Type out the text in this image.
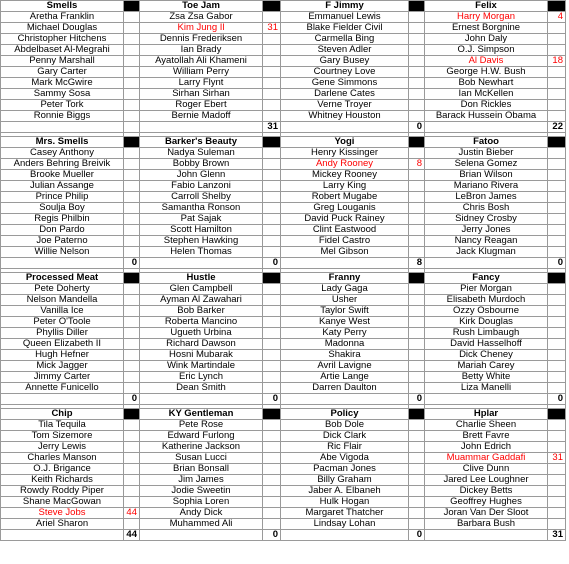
Smells		Toe Jam		F Jimmy		Felix	
Aretha Franklin		Zsa Zsa Gabor		Emmanuel Lewis		Harry Morgan	4
Michael Douglas		Kim Jung Il	31	Blake Fielder Civil		Ernest Borgnine	
Christopher Hitchens		Dennis Frederiksen		Carmella Bing		John Daly	
Abdelbaset Al-Megrahi		Ian Brady		Steven Adler		O.J. Simpson	
Penny Marshall		Ayatollah Ali Khameni		Gary Busey		Al Davis	18
Gary Carter		William Perry		Courtney Love		George H.W. Bush	
Mark McGwire		Larry Flynt		Gene Simmons		Bob Newhart	
Sammy Sosa		Sirhan Sirhan		Darlene Cates		Ian McKellen	
Peter Tork		Roger Ebert		Verne Troyer		Don Rickles	
Ronnie Biggs		Bernie Madoff		Whitney Houston		Barack Hussein Obama	
			31		0		22

Mrs. Smells		Barker's Beauty		Yogi		Fatoo	
Casey Anthony		Nadya Suleman		Henry Kissinger		Justin Bieber	
Anders Behring Breivik		Bobby Brown		Andy Rooney	8	Selena Gomez	
Brooke Mueller		John Glenn		Mickey Rooney		Brian Wilson	
Julian Assange		Fabio Lanzoni		Larry King		Mariano Rivera	
Prince Philip		Carroll Shelby		Robert Mugabe		LeBron James	
Soulja Boy		Samantha Ronson		Greg Louganis		Chris Bosh	
Regis Philbin		Pat Sajak		David Puck Rainey		Sidney Crosby	
Don Pardo		Scott Hamilton		Clint Eastwood		Jerry Jones	
Joe Paterno		Stephen Hawking		Fidel Castro		Nancy Reagan	
Willie Nelson		Helen Thomas		Mel Gibson		Jack Klugman	
	0		0		8		0

Processed Meat		Hustle		Franny		Fancy	
Pete Doherty		Glen Campbell		Lady Gaga		Pier Morgan	
Nelson Mandella		Ayman Al Zawahari		Usher		Elisabeth Murdoch	
Vanilla Ice		Bob Barker		Taylor Swift		Ozzy Osbourne	
Peter O'Toole		Roberta Mancino		Kanye West		Kirk Douglas	
Phyllis Diller		Ugueth Urbina		Katy Perry		Rush Limbaugh	
Queen Elizabeth II		Richard Dawson		Madonna		David Hasselhoff	
Hugh Hefner		Hosni Mubarak		Shakira		Dick Cheney	
Mick Jagger		Wink Martindale		Avril Lavigne		Mariah Carey	
Jimmy Carter		Eric Lynch		Artie Lange		Betty White	
Annette Funicello		Dean Smith		Darren Daulton		Liza Manelli	
	0		0		0		0

Chip		KY Gentleman		Policy		Hplar	
Tila Tequila		Pete Rose		Bob Dole		Charlie Sheen	
Tom Sizemore		Edward Furlong		Dick Clark		Brett Favre	
Jerry Lewis		Katherine Jackson		Ric Flair		John Edrich	
Charles Manson		Susan Lucci		Abe Vigoda		Muammar Gaddafi	31
O.J. Brigance		Brian Bonsall		Pacman Jones		Clive Dunn	
Keith Richards		Jim James		Billy Graham		Jared Lee Loughner	
Rowdy Roddy Piper		Jodie Sweetin		Jaber A. Elbaneh		Dickey Betts	
Shane MacGowan		Sophia Loren		Hulk Hogan		Geoffrey Hughes	
Steve Jobs	44	Andy Dick		Margaret Thatcher		Joran Van Der Sloot	
Ariel Sharon		Muhammed Ali		Lindsay Lohan		Barbara Bush	
	44		0		0		31
